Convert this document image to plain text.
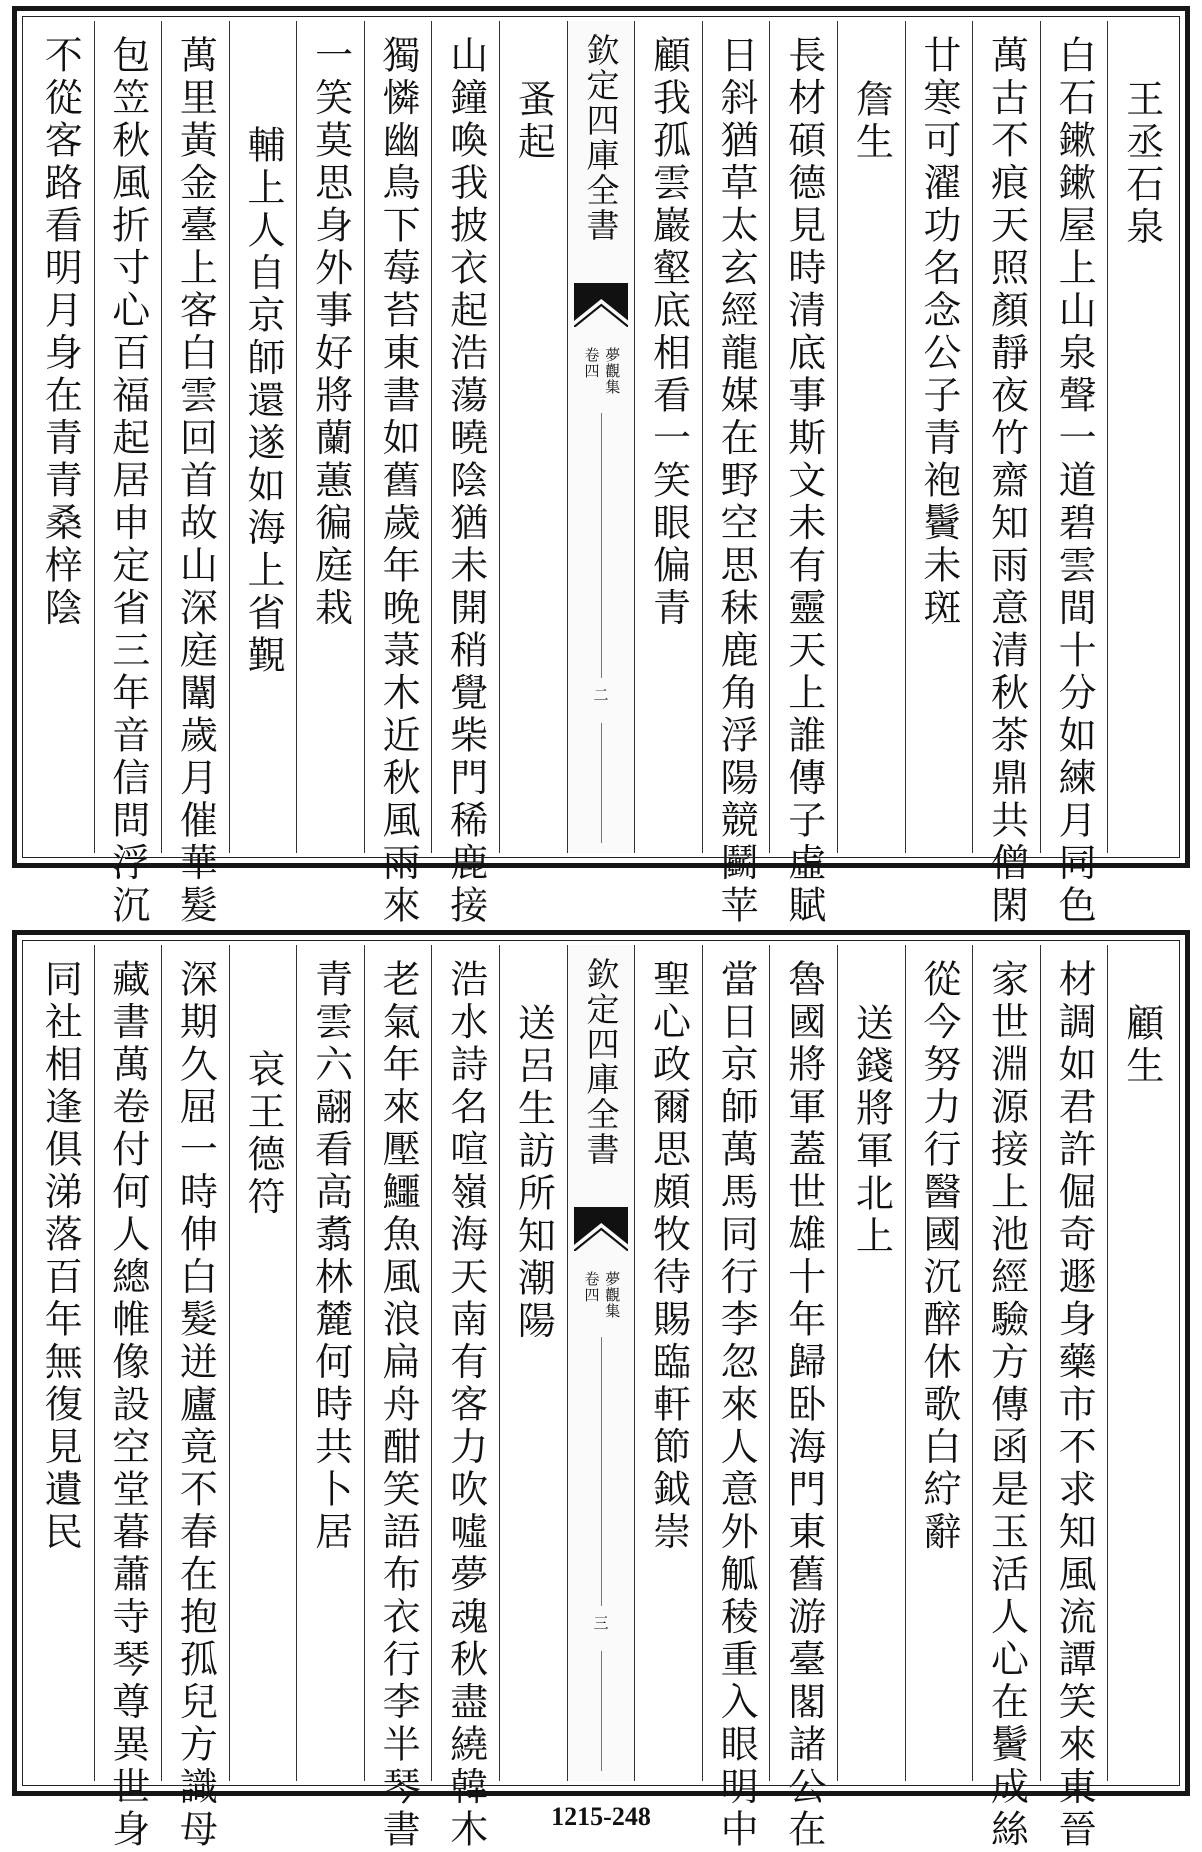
王丞石泉
白石鏉鏉屋上山泉聲一道碧雲間十分如練月同色
萬古不痕天照顏靜夜竹齋知雨意清秋茶鼎共僧閑
廿寒可濯功名念公子青袍鬢未斑
詹生
長材碩德見時清底事斯文未有靈天上誰傳子虛賦
日斜猶草太玄經龍媒在野空思秣鹿角浮陽競鬬苹
顧我孤雲巖壑底相看一笑眼偏青
欽定四庫全書
夢觀集
卷四
二
蚤起
山鐘喚我披衣起浩蕩曉陰猶未開稍覺柴門稀鹿接
獨憐幽鳥下莓苔東書如舊歲年晚菉木近秋風雨來
一笑莫思身外事好將蘭蕙徧庭栽
輔上人自京師還遂如海上省覲
萬里黃金臺上客白雲回首故山深庭闈歲月催華髮
包笠秋風折寸心百福起居申定省三年音信問浮沉
不從客路看明月身在青青桑梓陰
顧生
材調如君許倔奇遯身藥市不求知風流譚笑來東晉
家世淵源接上池經驗方傳函是玉活人心在鬢成絲
從今努力行醫國沉醉休歌白紵辭
送錢將軍北上
魯國將軍蓋世雄十年歸卧海門東舊游臺閣諸公在
當日京師萬馬同行李忽來人意外觚稜重入眼明中
聖心政爾思頗牧待賜臨軒節鉞崇
欽定四庫全書
夢觀集
卷四
三
送呂生訪所知潮陽
浩水詩名喧嶺海天南有客力吹噓夢魂秋盡繞韓木
老氣年來壓鱷魚風浪扁舟酣笑語布衣行李半琴書
青雲六翮看高翥林麓何時共卜居
哀王德符
深期久屈一時伸白髮迸廬竟不春在抱孤兒方識母
藏書萬卷付何人總帷像設空堂暮蕭寺琴尊異世身
同社相逢俱涕落百年無復見遺民
1215-248
